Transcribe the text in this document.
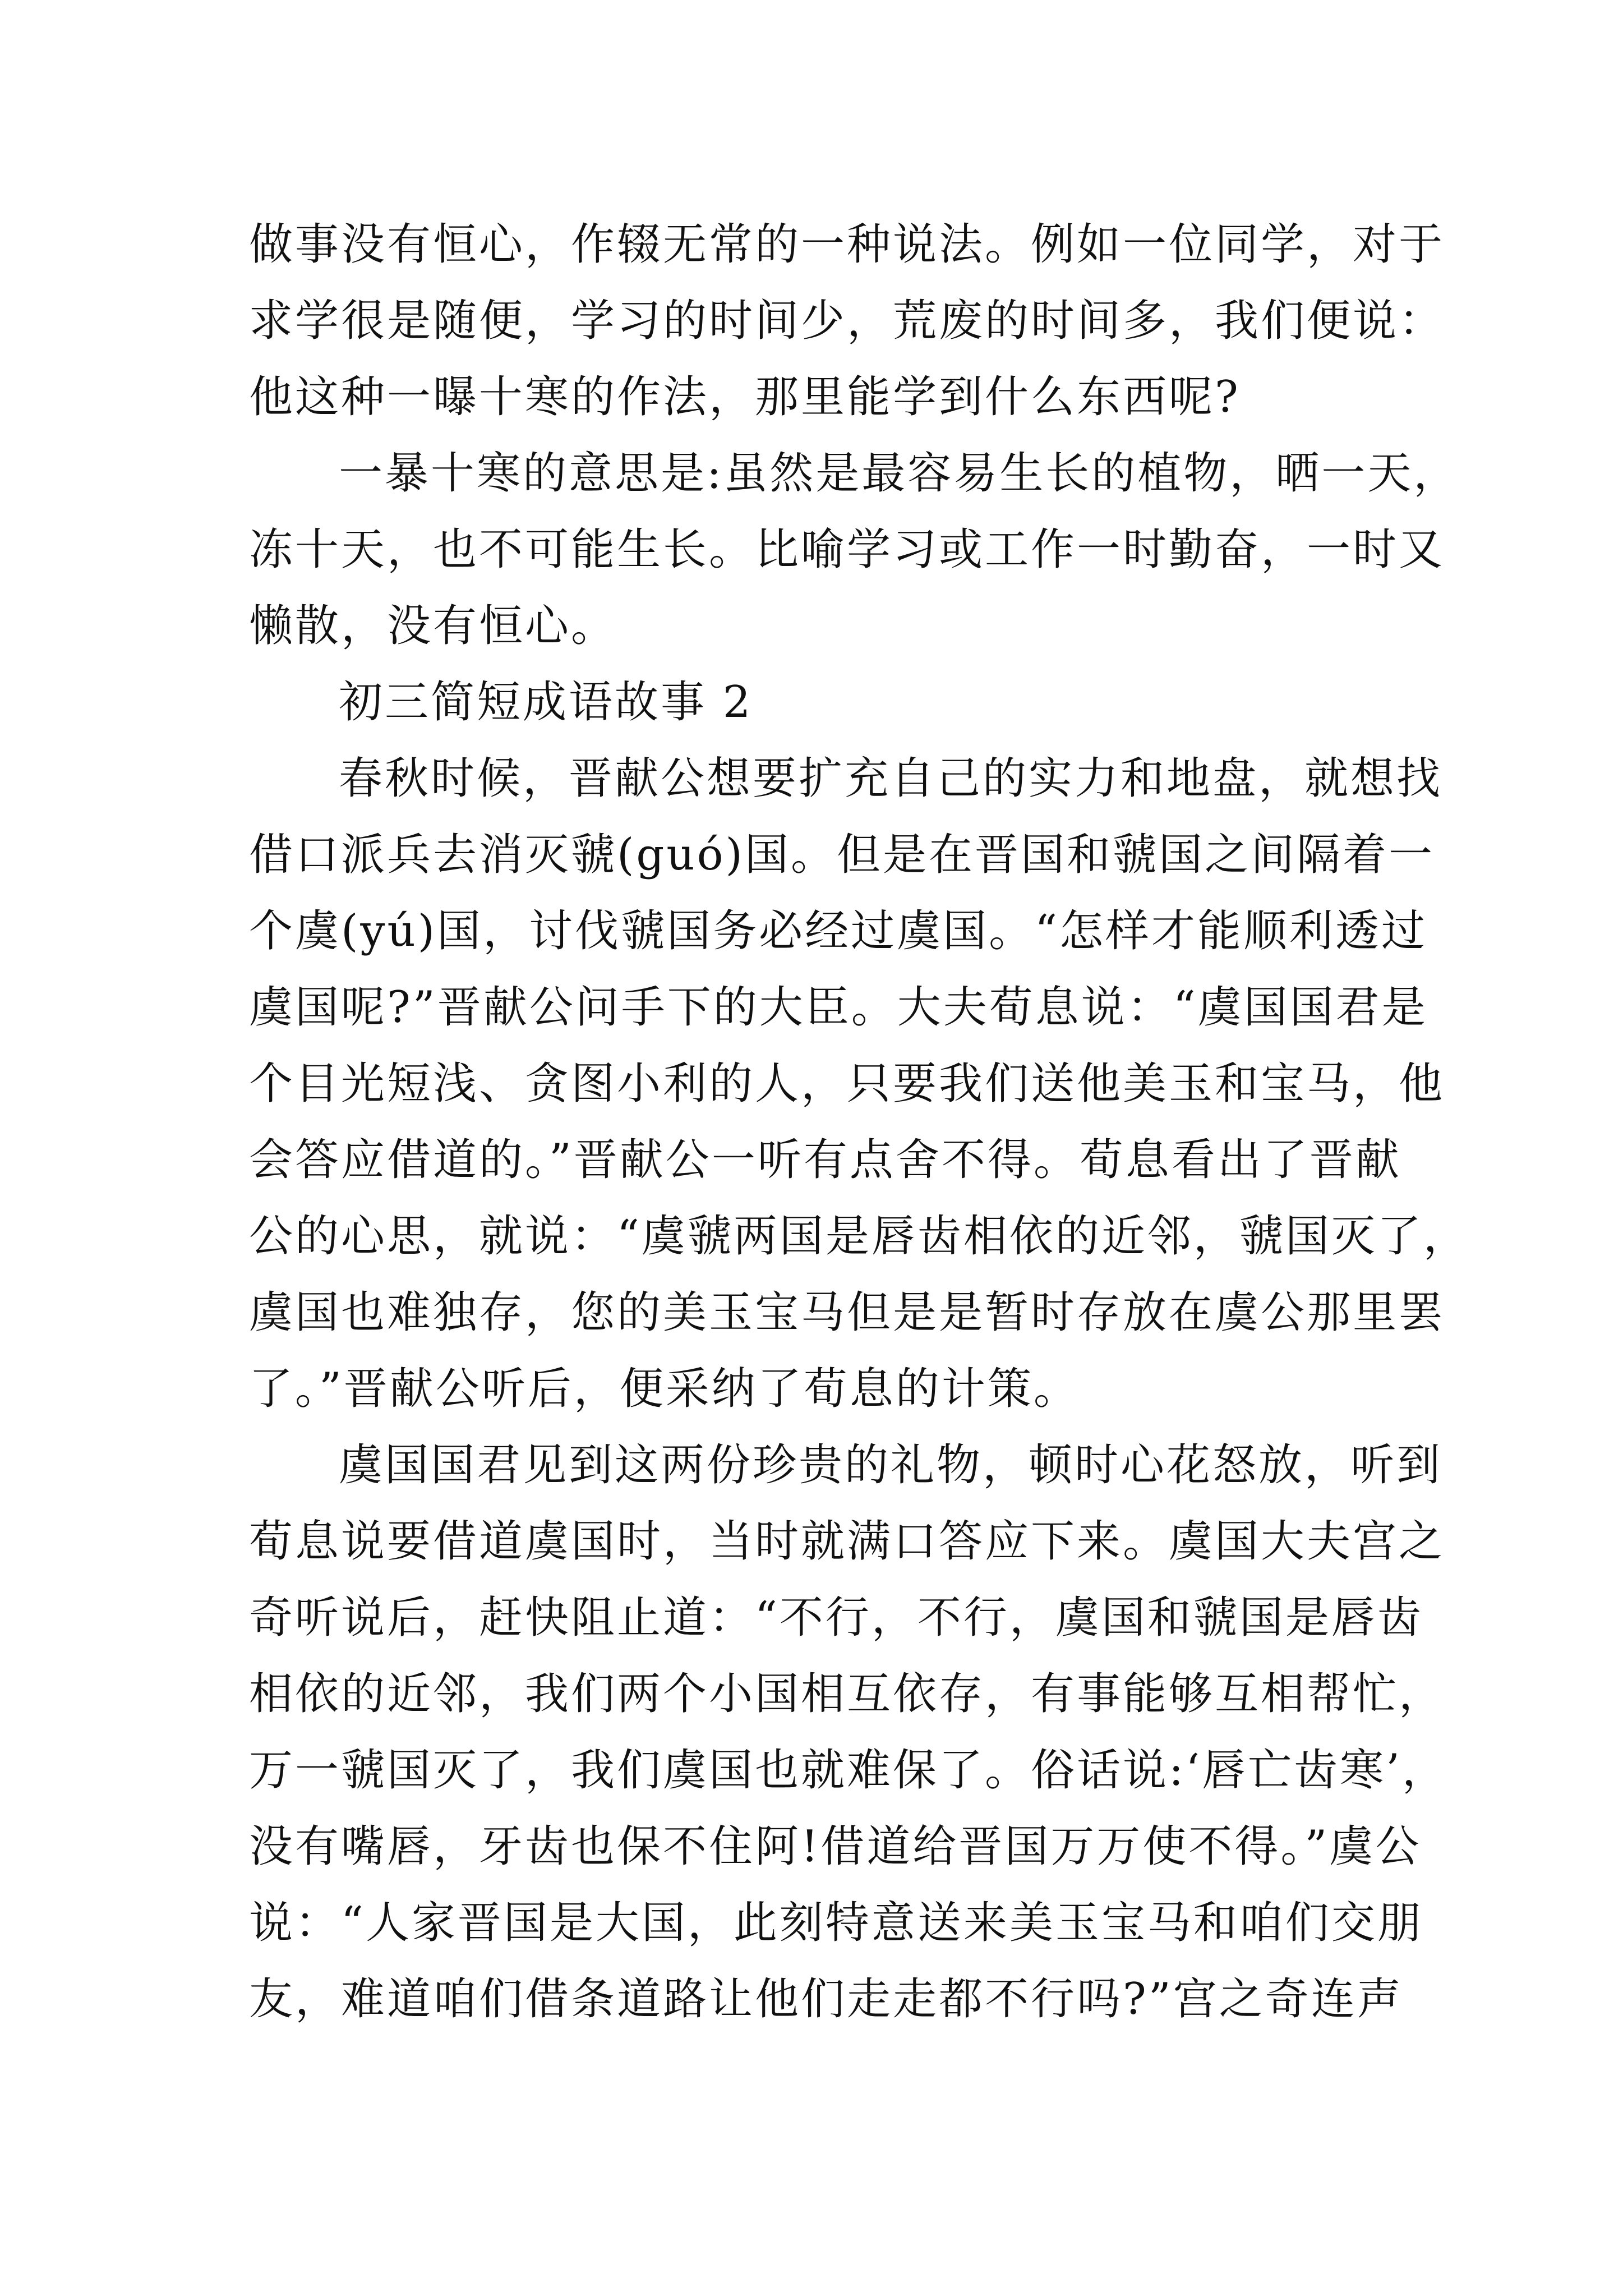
做事没有恒心，作辍无常的一种说法。例如一位同学，对于
求学很是随便，学习的时间少，荒废的时间多，我们便说：
他这种一曝十寒的作法，那里能学到什么东西呢?
一暴十寒的意思是:虽然是最容易生长的植物，晒一天，
冻十天，也不可能生长。比喻学习或工作一时勤奋，一时又
懒散，没有恒心。
初三简短成语故事 2
春秋时候，晋献公想要扩充自己的实力和地盘，就想找
借口派兵去消灭虢(guó)国。但是在晋国和虢国之间隔着一
个虞(yú)国，讨伐虢国务必经过虞国。“怎样才能顺利透过
虞国呢?”晋献公问手下的大臣。大夫荀息说：“虞国国君是
个目光短浅、贪图小利的人，只要我们送他美玉和宝马，他
会答应借道的。”晋献公一听有点舍不得。荀息看出了晋献
公的心思，就说：“虞虢两国是唇齿相依的近邻，虢国灭了，
虞国也难独存，您的美玉宝马但是是暂时存放在虞公那里罢
了。”晋献公听后，便采纳了荀息的计策。
虞国国君见到这两份珍贵的礼物，顿时心花怒放，听到
荀息说要借道虞国时，当时就满口答应下来。虞国大夫宫之
奇听说后，赶快阻止道：“不行，不行，虞国和虢国是唇齿
相依的近邻，我们两个小国相互依存，有事能够互相帮忙，
万一虢国灭了，我们虞国也就难保了。俗话说:‘唇亡齿寒’，
没有嘴唇，牙齿也保不住阿!借道给晋国万万使不得。”虞公
说：“人家晋国是大国，此刻特意送来美玉宝马和咱们交朋
友，难道咱们借条道路让他们走走都不行吗?”宫之奇连声
